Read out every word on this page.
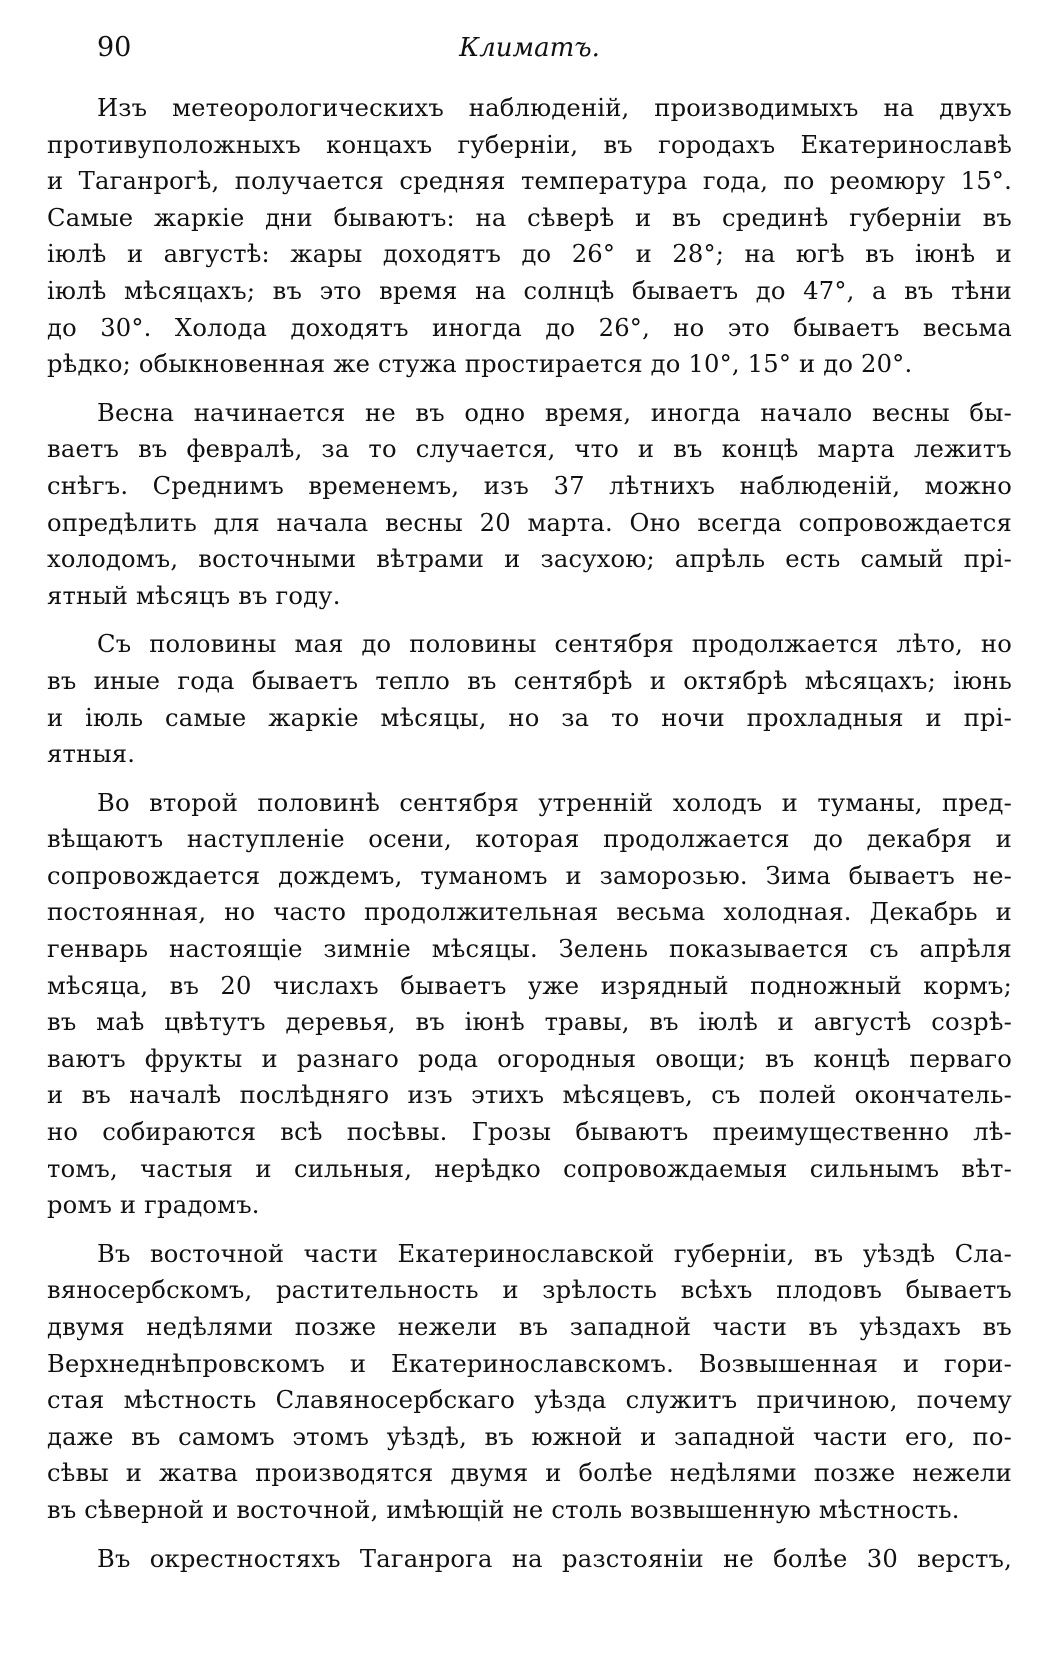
90	Климатъ.
Изъ метеорологическихъ наблюденій, производимыхъ на двухъ
противуположныхъ концахъ губерніи, въ городахъ Екатеринославѣ
и Таганрогѣ, получается средняя температура года, по реомюру 15°.
Самые жаркіе дни бываютъ: на сѣверѣ и въ срединѣ губерніи въ
іюлѣ и августѣ: жары доходятъ до 26° и 28°; на югѣ въ іюнѣ и
іюлѣ мѣсяцахъ; въ это время на солнцѣ бываетъ до 47°, а въ тѣни
до 30°. Холода доходятъ иногда до 26°, но это бываетъ весьма
рѣдко; обыкновенная же стужа простирается до 10°, 15° и до 20°.
Весна начинается не въ одно время, иногда начало весны бы-
ваетъ въ февралѣ, за то случается, что и въ концѣ марта лежитъ
снѣгъ. Среднимъ временемъ, изъ 37 лѣтнихъ наблюденій, можно
опредѣлить для начала весны 20 марта. Оно всегда сопровождается
холодомъ, восточными вѣтрами и засухою; апрѣль есть самый прі-
ятный мѣсяцъ въ году.
Съ половины мая до половины сентября продолжается лѣто, но
въ иные года бываетъ тепло въ сентябрѣ и октябрѣ мѣсяцахъ; іюнь
и іюль самые жаркіе мѣсяцы, но за то ночи прохладныя и прі-
ятныя.
Во второй половинѣ сентября утренній холодъ и туманы, пред-
вѣщаютъ наступленіе осени, которая продолжается до декабря и
сопровождается дождемъ, туманомъ и заморозью. Зима бываетъ не-
постоянная, но часто продолжительная весьма холодная. Декабрь и
генварь настоящіе зимніе мѣсяцы. Зелень показывается съ апрѣля
мѣсяца, въ 20 числахъ бываетъ уже изрядный подножный кормъ;
въ маѣ цвѣтутъ деревья, въ іюнѣ травы, въ іюлѣ и августѣ созрѣ-
ваютъ фрукты и разнаго рода огородныя овощи; въ концѣ перваго
и въ началѣ послѣдняго изъ этихъ мѣсяцевъ, съ полей окончатель-
но собираются всѣ посѣвы. Грозы бываютъ преимущественно лѣ-
томъ, частыя и сильныя, нерѣдко сопровождаемыя сильнымъ вѣт-
ромъ и градомъ.
Въ восточной части Екатеринославской губерніи, въ уѣздѣ Сла-
вяносербскомъ, растительность и зрѣлость всѣхъ плодовъ бываетъ
двумя недѣлями позже нежели въ западной части въ уѣздахъ въ
Верхнеднѣпровскомъ и Екатеринославскомъ. Возвышенная и гори-
стая мѣстность Славяносербскаго уѣзда служитъ причиною, почему
даже въ самомъ этомъ уѣздѣ, въ южной и западной части его, по-
сѣвы и жатва производятся двумя и болѣе недѣлями позже нежели
въ сѣверной и восточной, имѣющій не столь возвышенную мѣстность.
Въ окрестностяхъ Таганрога на разстояніи не болѣе 30 верстъ,
